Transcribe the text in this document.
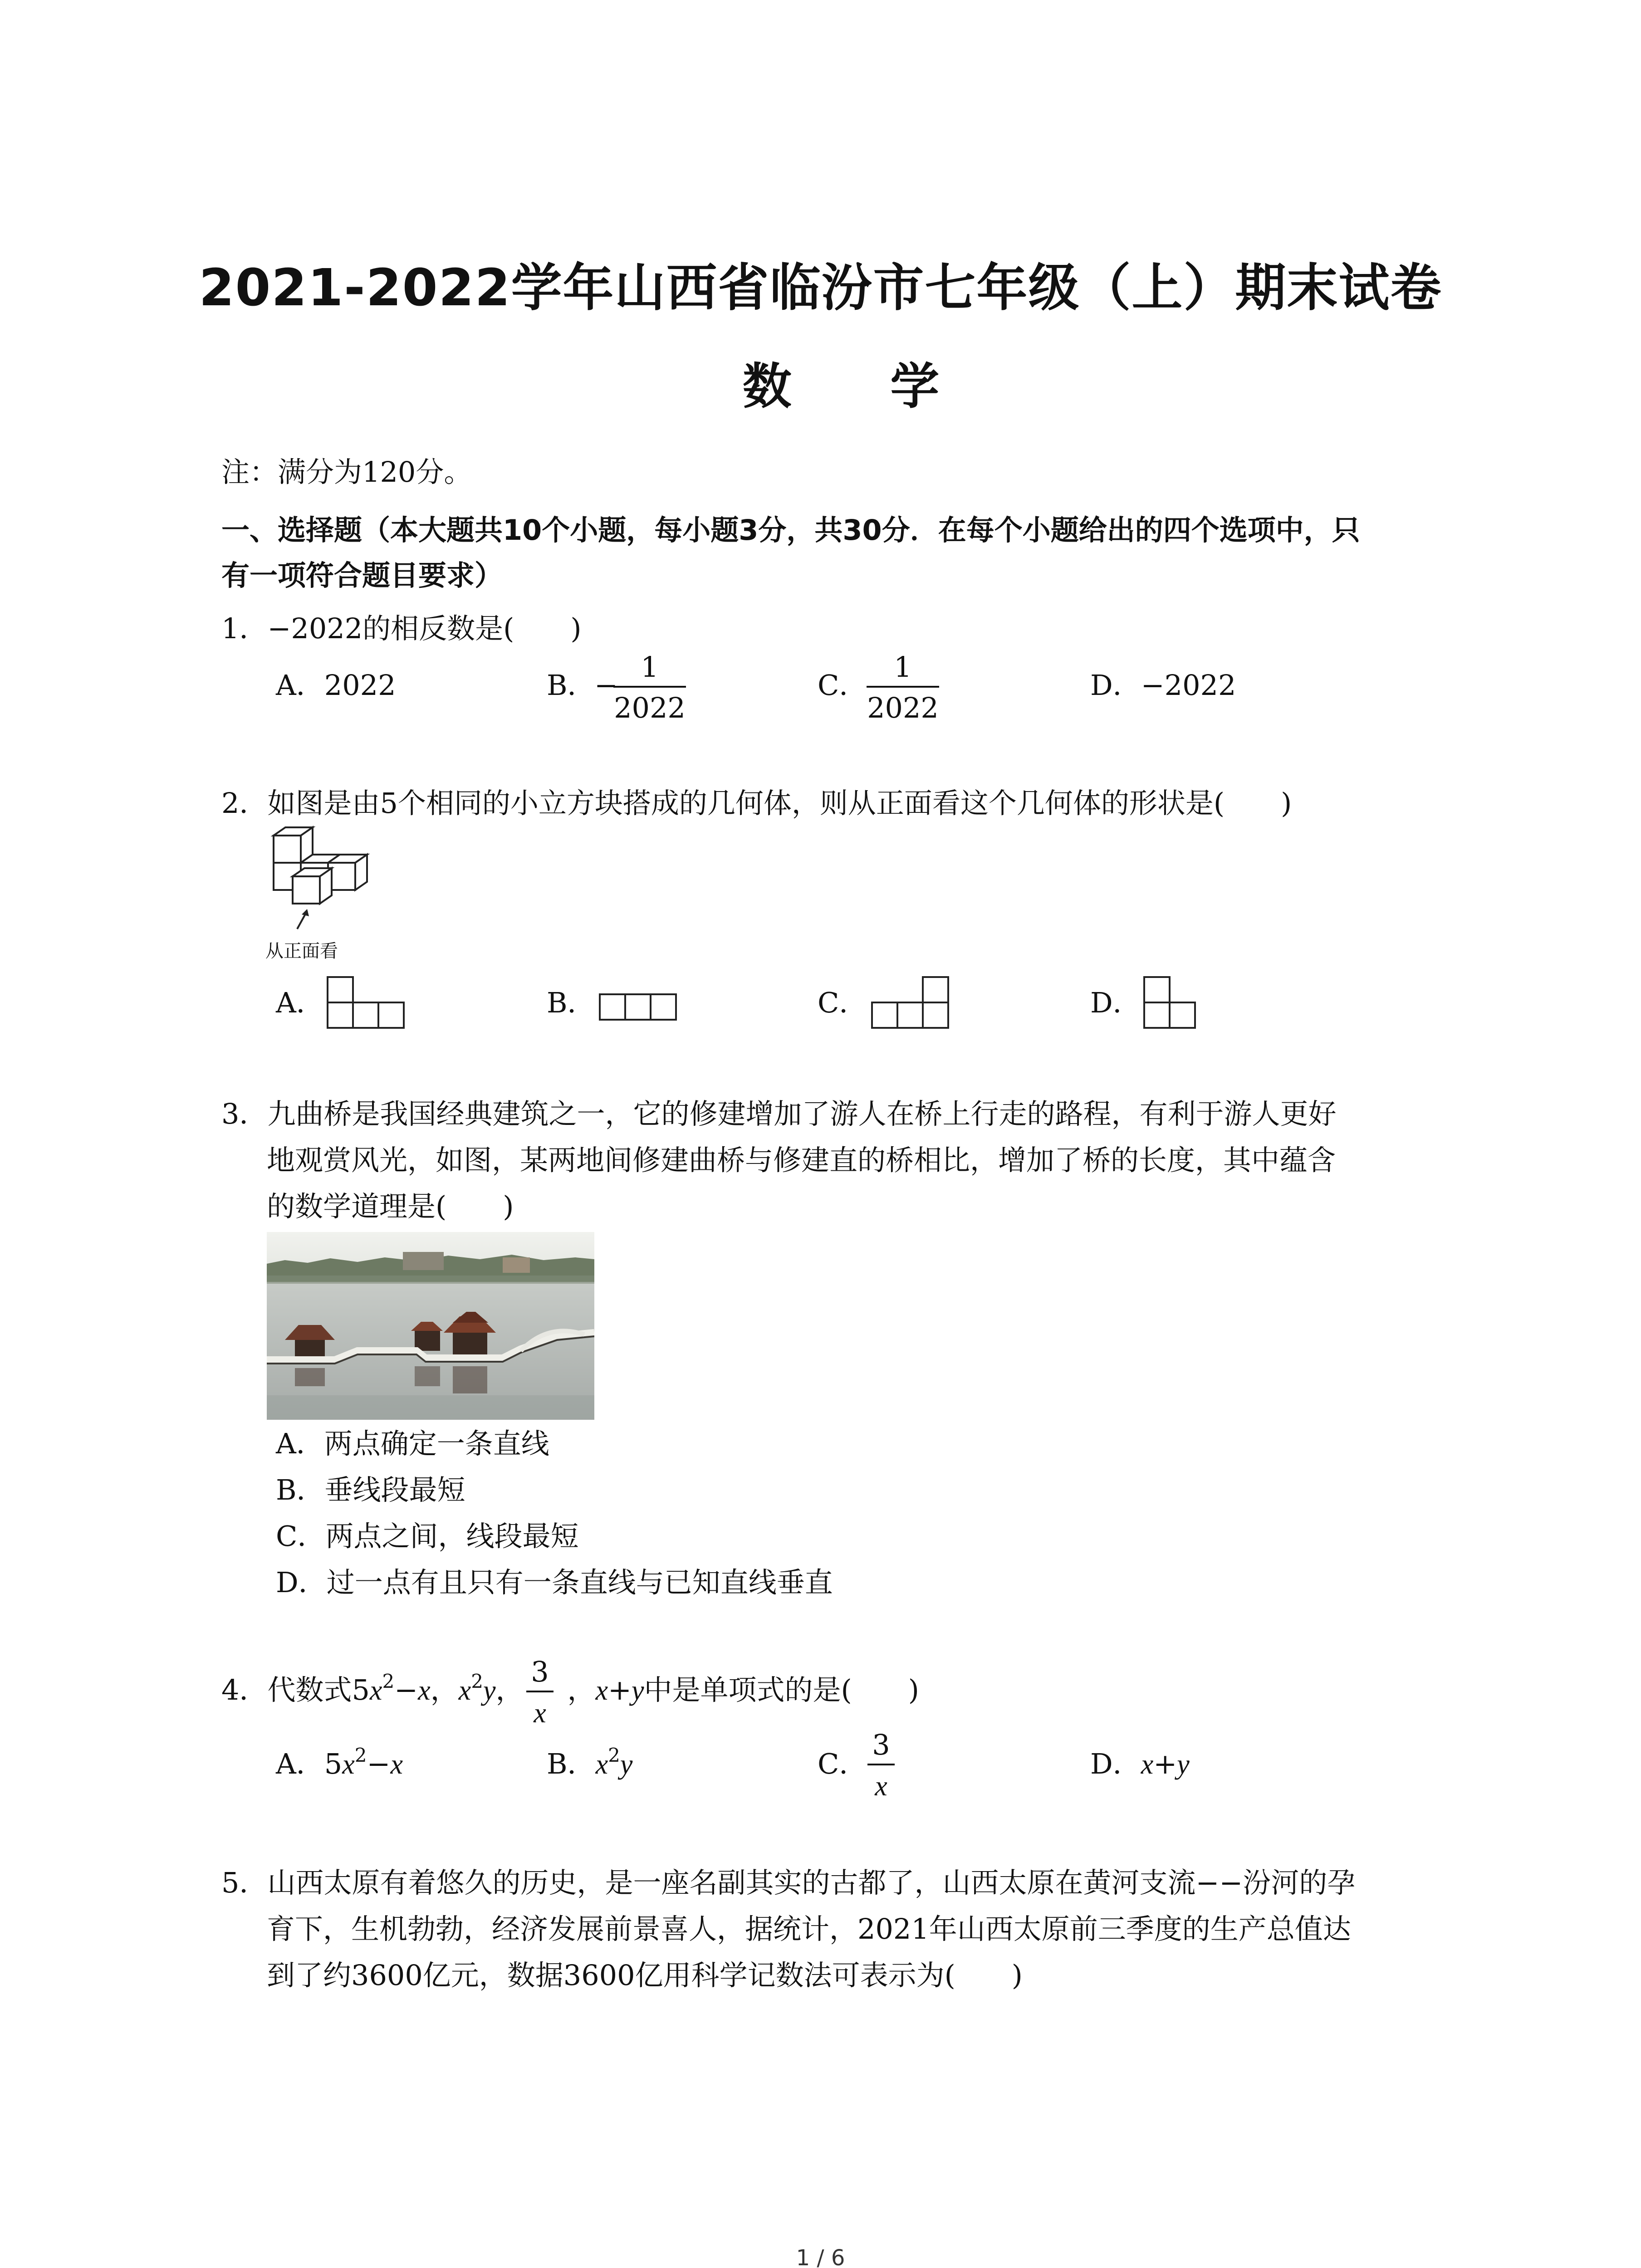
2021-2022学年山西省临汾市七年级（上）期末试卷
数 学
注：满分为120分。
一、选择题（本大题共10个小题，每小题3分，共30分．在每个小题给出的四个选项中，只
有一项符合题目要求）
1．−2022的相反数是(　　)
A．2022	B．
−
1
2022
C．
1
2022
D．−2022
2．如图是由5个相同的小立方块搭成的几何体，则从正面看这个几何体的形状是(　　)
从正面看
A．	B．	C．	D．
3．九曲桥是我国经典建筑之一，它的修建增加了游人在桥上行走的路程，有利于游人更好
地观赏风光，如图，某两地间修建曲桥与修建直的桥相比，增加了桥的长度，其中蕴含
的数学道理是(　　)
A．两点确定一条直线
B．垂线段最短
C．两点之间，线段最短
D．过一点有且只有一条直线与已知直线垂直
4．代数式$5x^2-x$，$x^2y$， ，x+y中是单项式的是(　　)
3
x
A．$5x^2-x$	B．$x^2y$	C．
3
x
D．x+y
5．山西太原有着悠久的历史，是一座名副其实的古都了，山西太原在黄河支流−−汾河的孕
育下，生机勃勃，经济发展前景喜人，据统计，2021年山西太原前三季度的生产总值达
到了约3600亿元，数据3600亿用科学记数法可表示为(　　)
1 / 6
